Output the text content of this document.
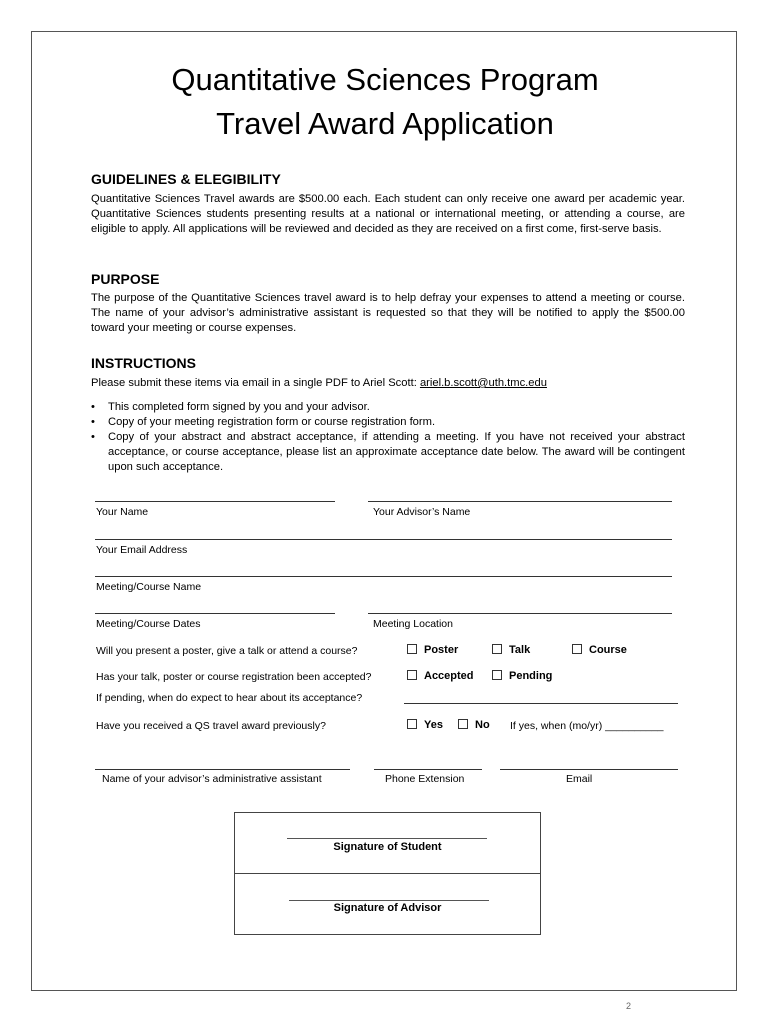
Quantitative Sciences Program
Travel Award Application
GUIDELINES & ELEGIBILITY

Quantitative Sciences Travel awards are $500.00 each. Each student can only receive one award per academic year. Quantitative Sciences students presenting results at a national or international meeting, or attending a course, are eligible to apply. All applications will be reviewed and decided as they are received on a first come, first-serve basis.

PURPOSE

The purpose of the Quantitative Sciences travel award is to help defray your expenses to attend a meeting or course. The name of your advisor’s administrative assistant is requested so that they will be notified to apply the $500.00 toward your meeting or course expenses.

INSTRUCTIONS

Please submit these items via email in a single PDF to Ariel Scott: ariel.b.scott@uth.tmc.edu

• This completed form signed by you and your advisor.
• Copy of your meeting registration form or course registration form.
• Copy of your abstract and abstract acceptance, if attending a meeting. If you have not received your abstract acceptance, or course acceptance, please list an approximate acceptance date below. The award will be contingent upon such acceptance.
Your Name	Your Advisor’s Name
Your Email Address
Meeting/Course Name
Meeting/Course Dates	Meeting Location
Will you present a poster, give a talk or attend a course?	Poster	Talk	Course
Has your talk, poster or course registration been accepted?	Accepted	Pending
If pending, when do expect to hear about its acceptance?
Have you received a QS travel award previously?	Yes	No If yes, when (mo/yr) __________
Name of your advisor’s administrative assistant	Phone Extension	Email
Signature of Student
Signature of Advisor
2
